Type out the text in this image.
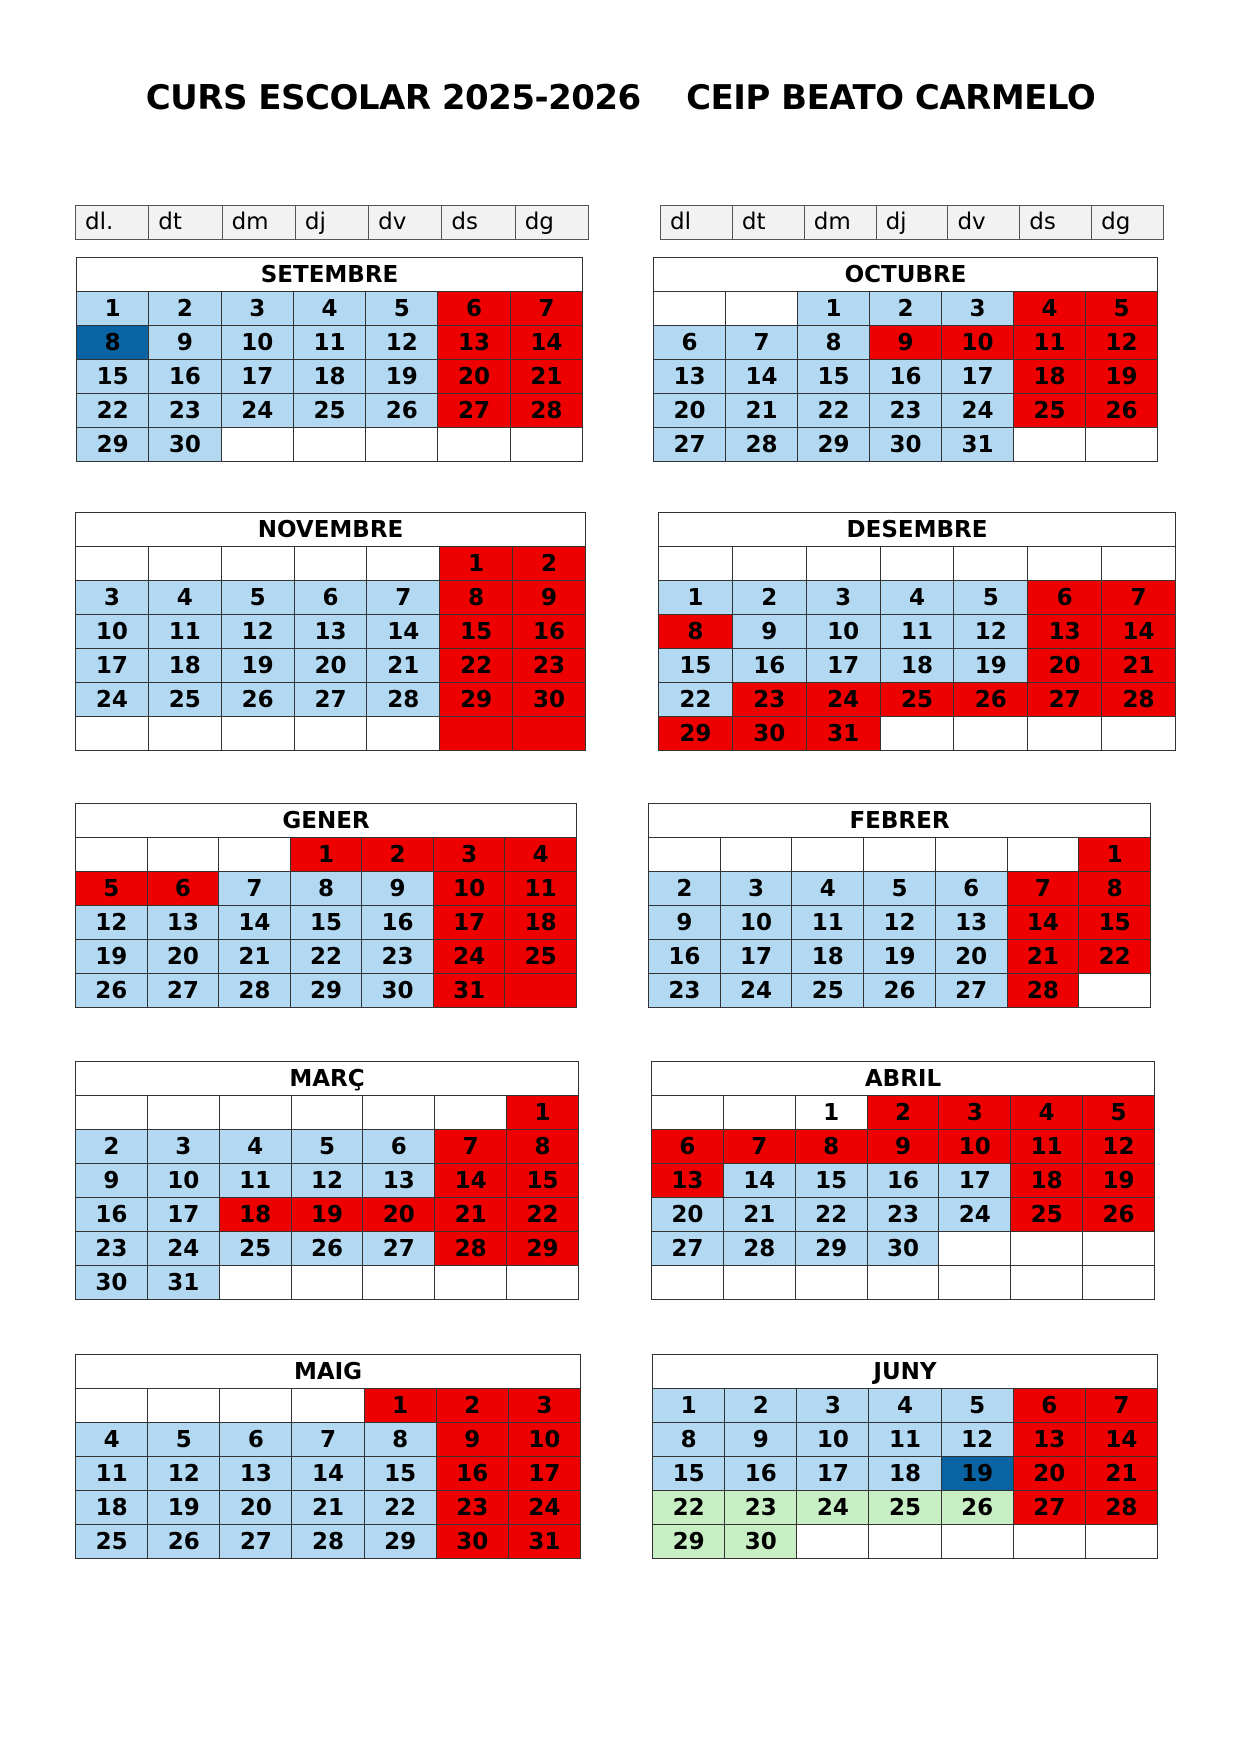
CURS ESCOLAR 2025-2026    CEIP BEATO CARMELO
dl.	dt	dm	dj	dv	ds	dg	dl	dt	dm	dj	dv	ds	dg
SETEMBRE						
1	2	3	4	5	6	7
8	9	10	11	12	13	14
15	16	17	18	19	20	21
22	23	24	25	26	27	28
29	30					
OCTUBRE						
		1	2	3	4	5
6	7	8	9	10	11	12
13	14	15	16	17	18	19
20	21	22	23	24	25	26
27	28	29	30	31		
NOVEMBRE						
					1	2
3	4	5	6	7	8	9
10	11	12	13	14	15	16
17	18	19	20	21	22	23
24	25	26	27	28	29	30

DESEMBRE						

1	2	3	4	5	6	7
8	9	10	11	12	13	14
15	16	17	18	19	20	21
22	23	24	25	26	27	28
29	30	31				
GENER						
			1	2	3	4
5	6	7	8	9	10	11
12	13	14	15	16	17	18
19	20	21	22	23	24	25
26	27	28	29	30	31	
FEBRER						
						1
2	3	4	5	6	7	8
9	10	11	12	13	14	15
16	17	18	19	20	21	22
23	24	25	26	27	28	
MARÇ						
						1
2	3	4	5	6	7	8
9	10	11	12	13	14	15
16	17	18	19	20	21	22
23	24	25	26	27	28	29
30	31					
ABRIL						
		1	2	3	4	5
6	7	8	9	10	11	12
13	14	15	16	17	18	19
20	21	22	23	24	25	26
27	28	29	30			

MAIG						
				1	2	3
4	5	6	7	8	9	10
11	12	13	14	15	16	17
18	19	20	21	22	23	24
25	26	27	28	29	30	31
JUNY						
1	2	3	4	5	6	7
8	9	10	11	12	13	14
15	16	17	18	19	20	21
22	23	24	25	26	27	28
29	30					
